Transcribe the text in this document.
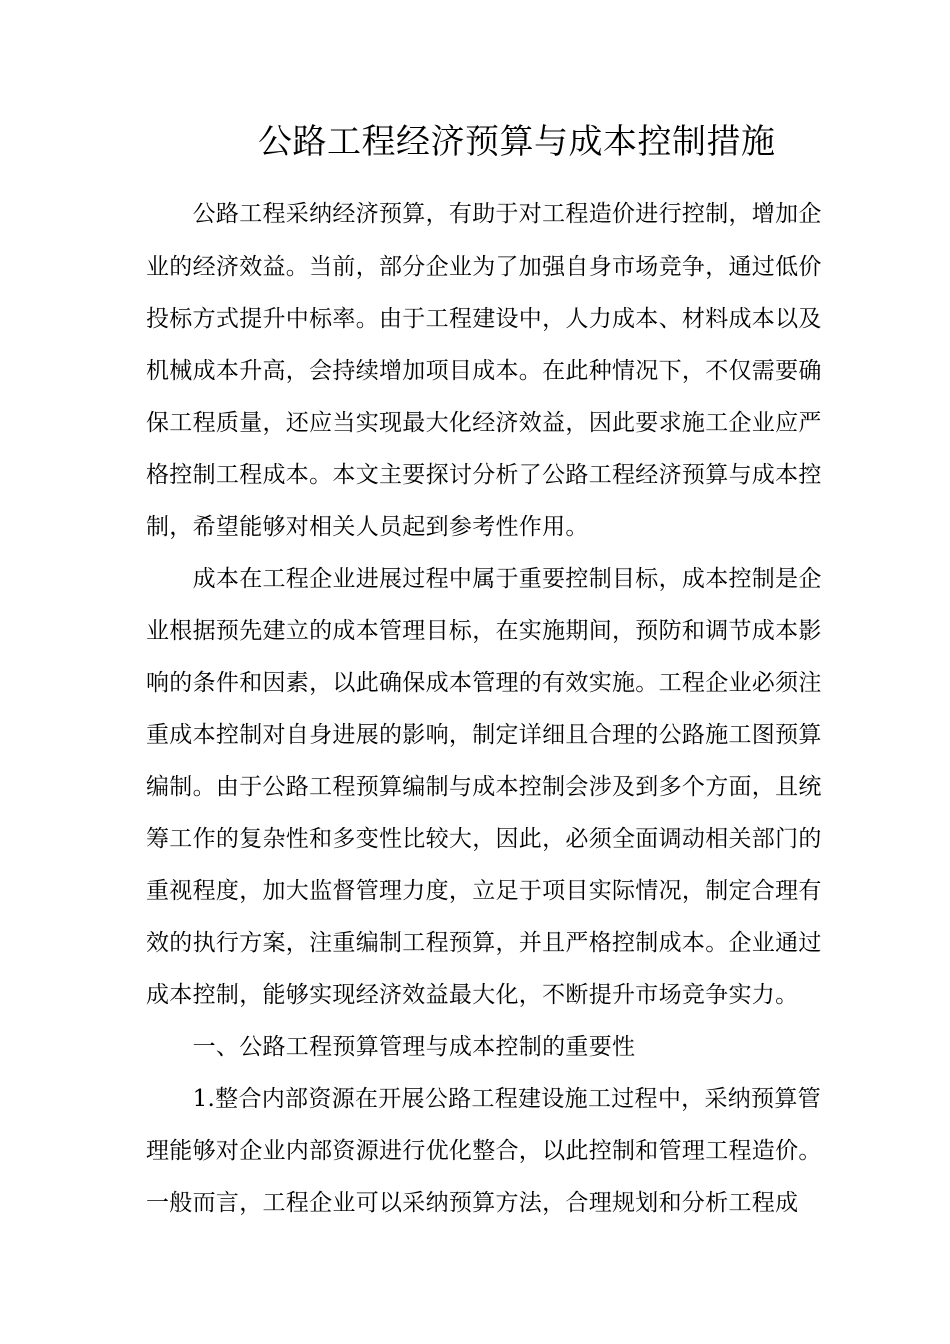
公路工程经济预算与成本控制措施
　　公路工程采纳经济预算，有助于对工程造价进行控制，增加企
业的经济效益。当前，部分企业为了加强自身市场竞争，通过低价
投标方式提升中标率。由于工程建设中，人力成本、材料成本以及
机械成本升高，会持续增加项目成本。在此种情况下，不仅需要确
保工程质量，还应当实现最大化经济效益，因此要求施工企业应严
格控制工程成本。本文主要探讨分析了公路工程经济预算与成本控
制，希望能够对相关人员起到参考性作用。
　　成本在工程企业进展过程中属于重要控制目标，成本控制是企
业根据预先建立的成本管理目标，在实施期间，预防和调节成本影
响的条件和因素，以此确保成本管理的有效实施。工程企业必须注
重成本控制对自身进展的影响，制定详细且合理的公路施工图预算
编制。由于公路工程预算编制与成本控制会涉及到多个方面，且统
筹工作的复杂性和多变性比较大，因此，必须全面调动相关部门的
重视程度，加大监督管理力度，立足于项目实际情况，制定合理有
效的执行方案，注重编制工程预算，并且严格控制成本。企业通过
成本控制，能够实现经济效益最大化，不断提升市场竞争实力。
　　一、公路工程预算管理与成本控制的重要性
　　1.整合内部资源在开展公路工程建设施工过程中，采纳预算管
理能够对企业内部资源进行优化整合，以此控制和管理工程造价。
一般而言，工程企业可以采纳预算方法，合理规划和分析工程成
